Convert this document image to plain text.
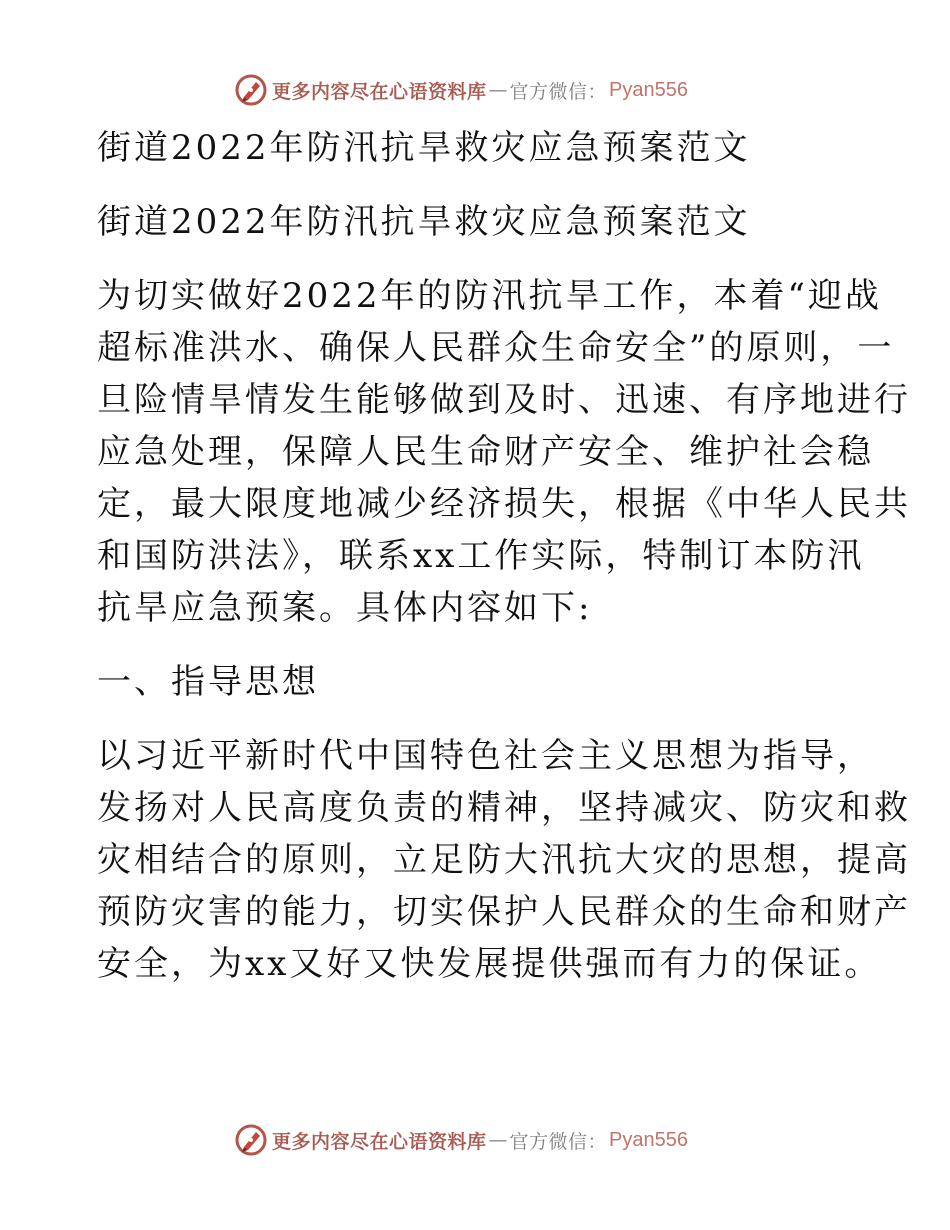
更多内容尽在心语资料库 — 官方微信： Pyan556

街道2022年防汛抗旱救灾应急预案范文

街道2022年防汛抗旱救灾应急预案范文

为切实做好2022年的防汛抗旱工作，本着“迎战

超标准洪水、确保人民群众生命安全”的原则，一

旦险情旱情发生能够做到及时、迅速、有序地进行

应急处理，保障人民生命财产安全、维护社会稳

定，最大限度地减少经济损失，根据《中华人民共

和国防洪法》，联系xx工作实际，特制订本防汛

抗旱应急预案。具体内容如下:

一、指导思想

以习近平新时代中国特色社会主义思想为指导，

发扬对人民高度负责的精神，坚持减灾、防灾和救

灾相结合的原则，立足防大汛抗大灾的思想，提高

预防灾害的能力，切实保护人民群众的生命和财产

安全，为xx又好又快发展提供强而有力的保证。

更多内容尽在心语资料库 — 官方微信： Pyan556
